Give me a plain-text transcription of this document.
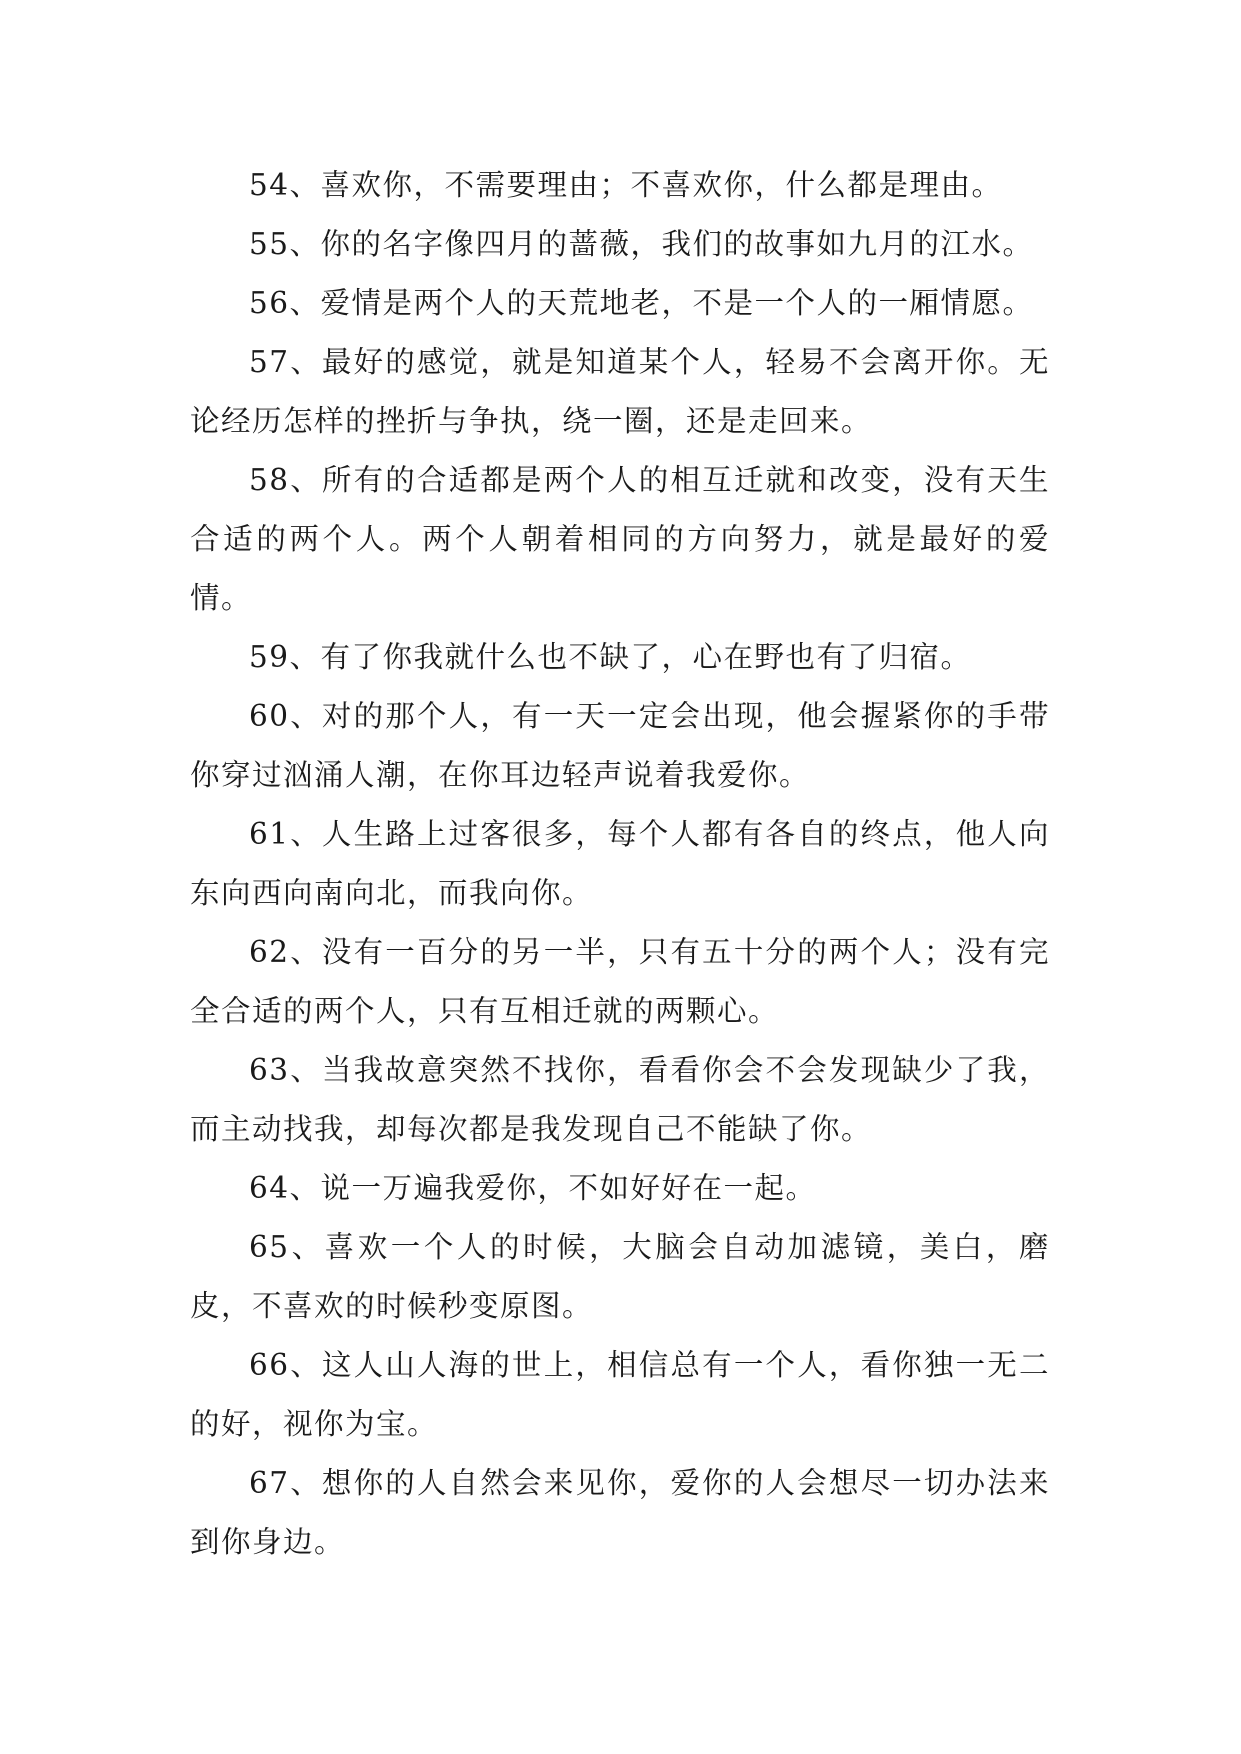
54、喜欢你，不需要理由；不喜欢你，什么都是理由。

55、你的名字像四月的蔷薇，我们的故事如九月的江水。

56、爱情是两个人的天荒地老，不是一个人的一厢情愿。

57、最好的感觉，就是知道某个人，轻易不会离开你。无论经历怎样的挫折与争执，绕一圈，还是走回来。

58、所有的合适都是两个人的相互迁就和改变，没有天生合适的两个人。两个人朝着相同的方向努力，就是最好的爱情。

59、有了你我就什么也不缺了，心在野也有了归宿。

60、对的那个人，有一天一定会出现，他会握紧你的手带你穿过汹涌人潮，在你耳边轻声说着我爱你。

61、人生路上过客很多，每个人都有各自的终点，他人向东向西向南向北，而我向你。

62、没有一百分的另一半，只有五十分的两个人；没有完全合适的两个人，只有互相迁就的两颗心。

63、当我故意突然不找你，看看你会不会发现缺少了我，而主动找我，却每次都是我发现自己不能缺了你。

64、说一万遍我爱你，不如好好在一起。

65、喜欢一个人的时候，大脑会自动加滤镜，美白，磨皮，不喜欢的时候秒变原图。

66、这人山人海的世上，相信总有一个人，看你独一无二的好，视你为宝。

67、想你的人自然会来见你，爱你的人会想尽一切办法来到你身边。
